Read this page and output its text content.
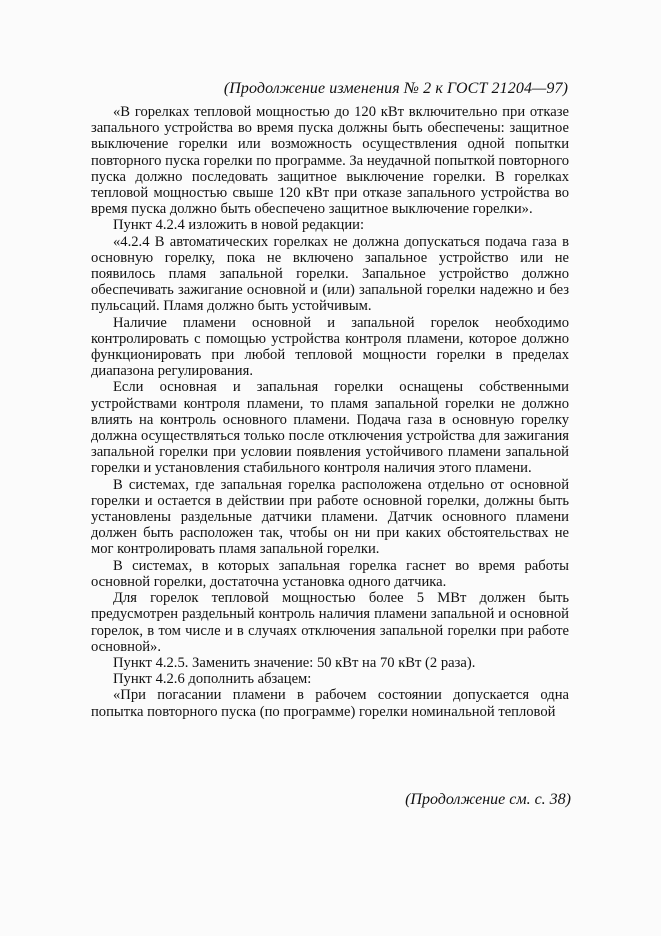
(Продолжение изменения № 2 к ГОСТ 21204—97)

«В горелках тепловой мощностью до 120 кВт включительно при отказе запального устройства во время пуска должны быть обеспечены: защитное выключение горелки или возможность осуществления одной попытки повторного пуска горелки по программе. За неудачной попыткой повторного пуска должно последовать защитное выключение горелки. В горелках тепловой мощностью свыше 120 кВт при отказе запального устройства во время пуска должно быть обеспечено защитное выключение горелки».

Пункт 4.2.4 изложить в новой редакции:

«4.2.4 В автоматических горелках не должна допускаться подача газа в основную горелку, пока не включено запальное устройство или не появилось пламя запальной горелки. Запальное устройство должно обеспечивать зажигание основной и (или) запальной горелки надежно и без пульсаций. Пламя должно быть устойчивым.

Наличие пламени основной и запальной горелок необходимо контролировать с помощью устройства контроля пламени, которое должно функционировать при любой тепловой мощности горелки в пределах диапазона регулирования.

Если основная и запальная горелки оснащены собственными устройствами контроля пламени, то пламя запальной горелки не должно влиять на контроль основного пламени. Подача газа в основную горелку должна осуществляться только после отключения устройства для зажигания запальной горелки при условии появления устойчивого пламени запальной горелки и установления стабильного контроля наличия этого пламени.

В системах, где запальная горелка расположена отдельно от основной горелки и остается в действии при работе основной горелки, должны быть установлены раздельные датчики пламени. Датчик основного пламени должен быть расположен так, чтобы он ни при каких обстоятельствах не мог контролировать пламя запальной горелки.

В системах, в которых запальная горелка гаснет во время работы основной горелки, достаточна установка одного датчика.

Для горелок тепловой мощностью более 5 МВт должен быть предусмотрен раздельный контроль наличия пламени запальной и основной горелок, в том числе и в случаях отключения запальной горелки при работе основной».

Пункт 4.2.5. Заменить значение: 50 кВт на 70 кВт (2 раза).

Пункт 4.2.6 дополнить абзацем:

«При погасании пламени в рабочем состоянии допускается одна попытка повторного пуска (по программе) горелки номинальной тепловой

(Продолжение см. с. 38)
